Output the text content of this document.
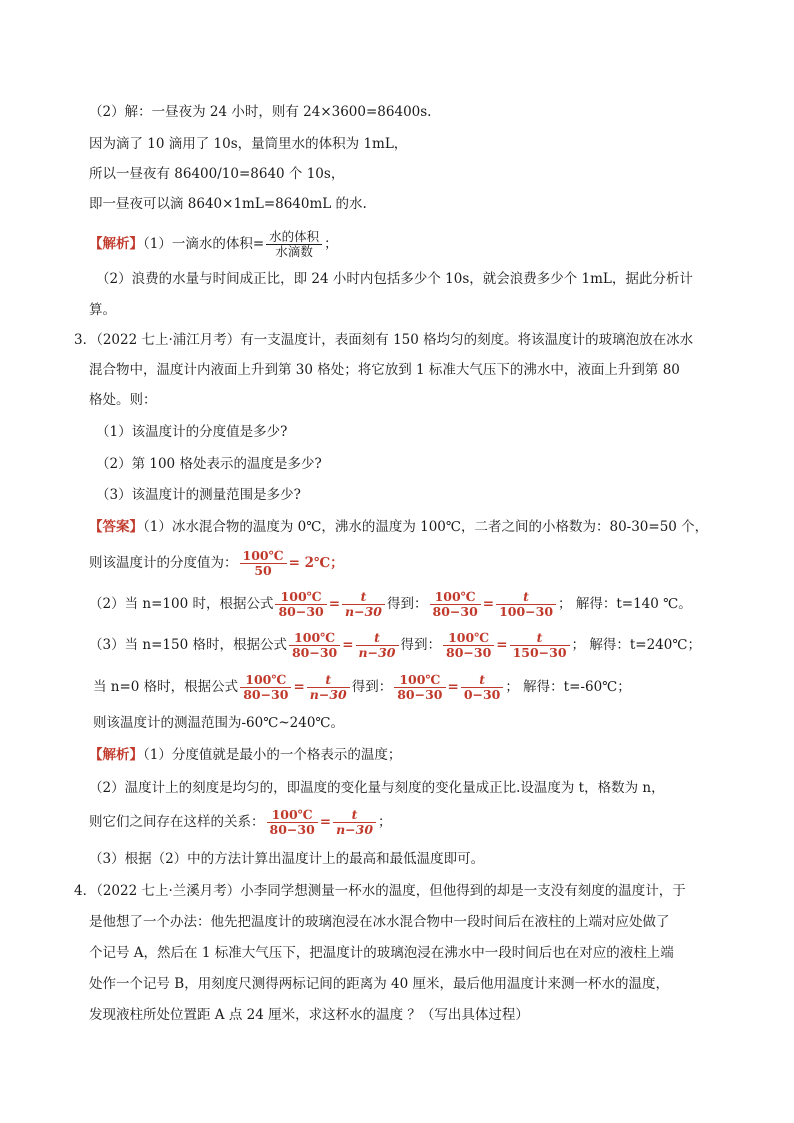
（2）解：一昼夜为 24 小时，则有 24×3600=86400s.
因为滴了 10 滴用了 10s，量筒里水的体积为 1mL，
所以一昼夜有 86400/10=8640 个 10s，
即一昼夜可以滴 8640×1mL=8640mL 的水.
【解析】（1）一滴水的体积= $\frac{\text{水的体积}}{\text{水滴数}}$ ；
（2）浪费的水量与时间成正比，即 24 小时内包括多少个 10s，就会浪费多少个 1mL，据此分析计
算。
3．（2022 七上·浦江月考）有一支温度计，表面刻有 150 格均匀的刻度。将该温度计的玻璃泡放在冰水
混合物中，温度计内液面上升到第 30 格处；将它放到 1 标准大气压下的沸水中，液面上升到第 80
格处。则：
（1）该温度计的分度值是多少?
（2）第 100 格处表示的温度是多少?
（3）该温度计的测量范围是多少?
【答案】（1）冰水混合物的温度为 0℃，沸水的温度为 100℃，二者之间的小格数为：80-30=50 个，
则该温度计的分度值为： $\frac{100℃}{50}$ = 2℃；
（2）当 n=100 时，根据公式 $\frac{100℃}{80-30} = \frac{t}{n-30}$ 得到： $\frac{100℃}{80-30} = \frac{t}{100-30}$ ； 解得：t=140 ℃。
（3）当 n=150 格时，根据公式 $\frac{100℃}{80-30} = \frac{t}{n-30}$ 得到： $\frac{100℃}{80-30} = \frac{t}{150-30}$ ； 解得：t=240℃；
当 n=0 格时，根据公式 $\frac{100℃}{80-30} = \frac{t}{n-30}$ 得到： $\frac{100℃}{80-30} = \frac{t}{0-30}$ ； 解得：t=-60℃；
则该温度计的测温范围为-60℃~240℃。
【解析】（1）分度值就是最小的一个格表示的温度；
（2）温度计上的刻度是均匀的，即温度的变化量与刻度的变化量成正比.设温度为 t，格数为 n，
则它们之间存在这样的关系： $\frac{100℃}{80-30} = \frac{t}{n-30}$ ；
（3）根据（2）中的方法计算出温度计上的最高和最低温度即可。
4．（2022 七上·兰溪月考）小李同学想测量一杯水的温度，但他得到的却是一支没有刻度的温度计，于
是他想了一个办法：他先把温度计的玻璃泡浸在冰水混合物中一段时间后在液柱的上端对应处做了
个记号 A，然后在 1 标准大气压下，把温度计的玻璃泡浸在沸水中一段时间后也在对应的液柱上端
处作一个记号 B，用刻度尺测得两标记间的距离为 40 厘米，最后他用温度计来测一杯水的温度，
发现液柱所处位置距 A 点 24 厘米，求这杯水的温度 ？（写出具体过程）
